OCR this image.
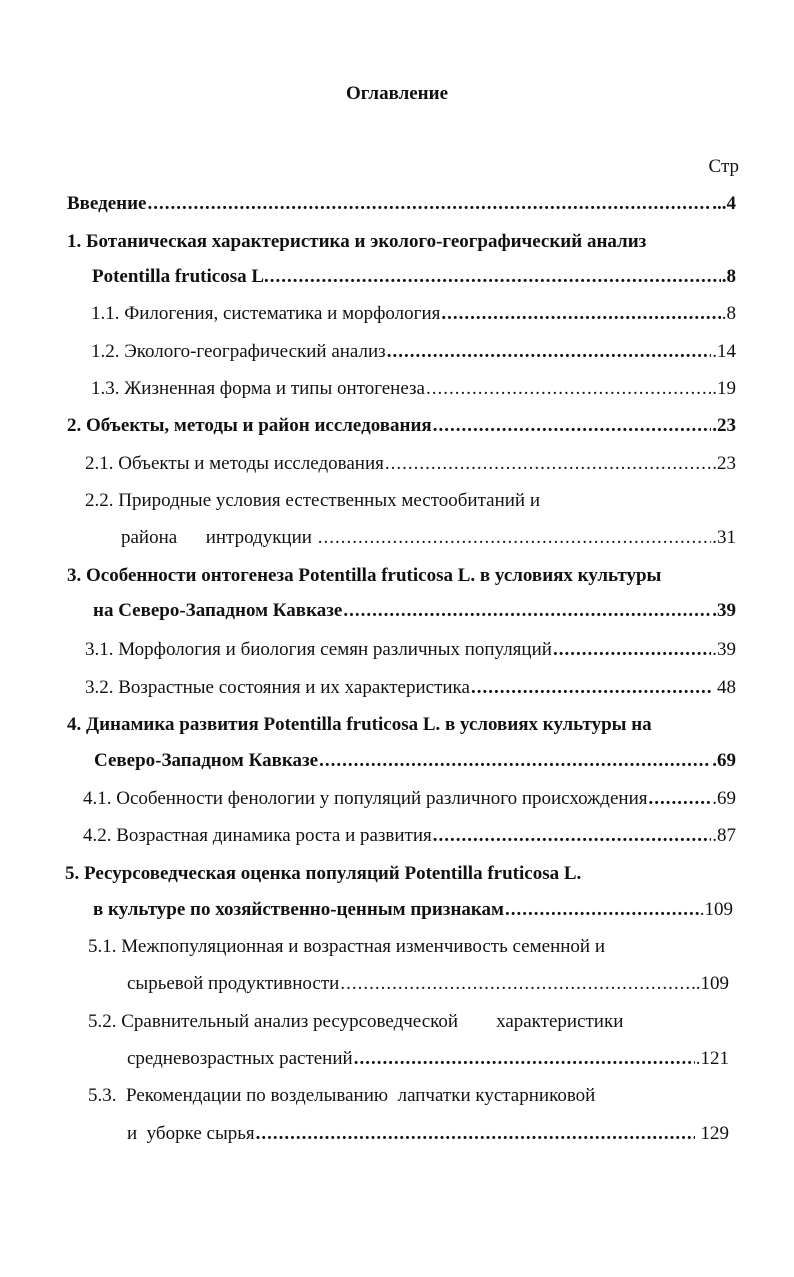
Оглавление
Стр
Введение .....	...4
1. Ботаническая характеристика и эколого-географический анализ
Potentilla fruticosa L. .....	.8
1.1. Филогения, систематика и морфология .....	.8
1.2. Эколого-географический анализ .....	.14
1.3. Жизненная форма и типы онтогенеза .....	.19
2. Объекты, методы и район исследования .....	.23
2.1. Объекты и методы исследования .....	.23
2.2. Природные условия естественных местообитаний и
района      интродукции .....	.31
3. Особенности онтогенеза Potentilla fruticosa L. в условиях культуры
на Северо-Западном Кавказе .....	.39
3.1. Морфология и биология семян различных популяций .....	.39
3.2. Возрастные состояния и их характеристика .....	48
4. Динамика развития Potentilla fruticosa L. в условиях культуры на
Северо-Западном Кавказе .....	.69
4.1. Особенности фенологии у популяций различного происхождения .....	.69
4.2. Возрастная динамика роста и развития .....	.87
5. Ресурсоведческая оценка популяций Potentilla fruticosa L.
в культуре по хозяйственно-ценным признакам .....	.109
5.1. Межпопуляционная и возрастная изменчивость семенной и
сырьевой продуктивности .....	.109
5.2. Сравнительный анализ ресурсоведческой        характеристики
средневозрастных растений .....	.121
5.3.  Рекомендации по возделыванию  лапчатки кустарниковой
и  уборке сырья .....	129
